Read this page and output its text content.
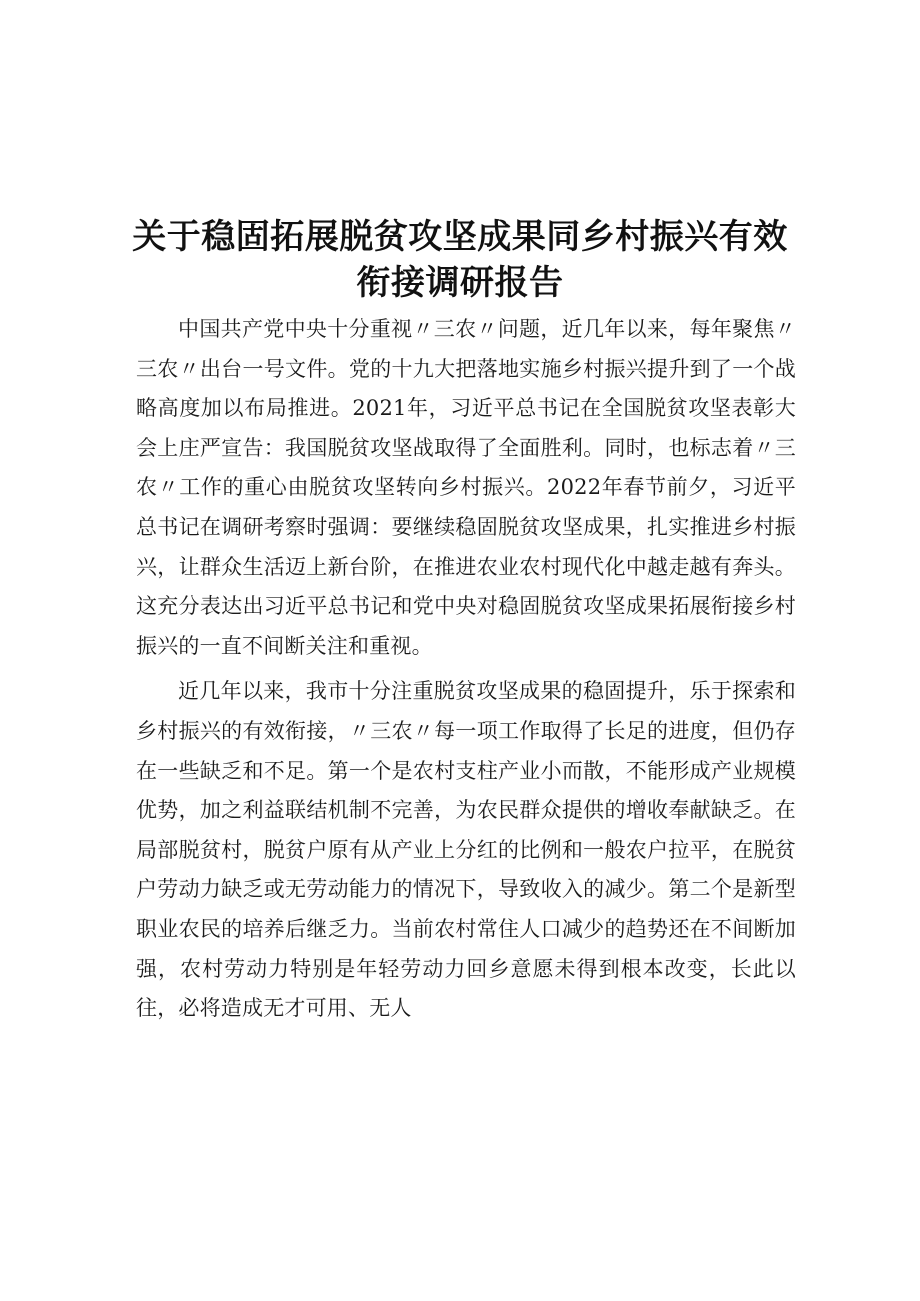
关于稳固拓展脱贫攻坚成果同乡村振兴有效
衔接调研报告

中国共产党中央十分重视〃三农〃问题，近几年以来，每年聚焦〃三农〃出台一号文件。党的十九大把落地实施乡村振兴提升到了一个战略高度加以布局推进。2021年，习近平总书记在全国脱贫攻坚表彰大会上庄严宣告：我国脱贫攻坚战取得了全面胜利。同时，也标志着〃三农〃工作的重心由脱贫攻坚转向乡村振兴。2022年春节前夕，习近平总书记在调研考察时强调：要继续稳固脱贫攻坚成果，扎实推进乡村振兴，让群众生活迈上新台阶，在推进农业农村现代化中越走越有奔头。这充分表达出习近平总书记和党中央对稳固脱贫攻坚成果拓展衔接乡村振兴的一直不间断关注和重视。

近几年以来，我市十分注重脱贫攻坚成果的稳固提升，乐于探索和乡村振兴的有效衔接，〃三农〃每一项工作取得了长足的进度，但仍存在一些缺乏和不足。第一个是农村支柱产业小而散，不能形成产业规模优势，加之利益联结机制不完善，为农民群众提供的增收奉献缺乏。在局部脱贫村，脱贫户原有从产业上分红的比例和一般农户拉平，在脱贫户劳动力缺乏或无劳动能力的情况下，导致收入的减少。第二个是新型职业农民的培养后继乏力。当前农村常住人口减少的趋势还在不间断加强，农村劳动力特别是年轻劳动力回乡意愿未得到根本改变，长此以往，必将造成无才可用、无人
